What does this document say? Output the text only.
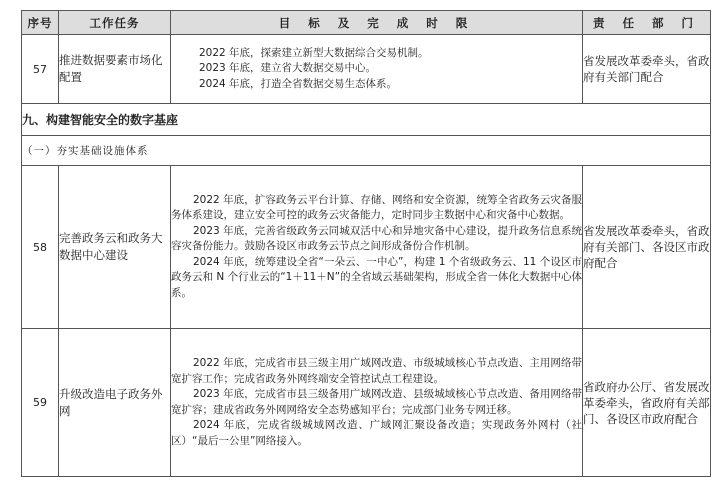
序号	工作任务	目 标 及 完 成 时 限	责 任 部 门
57	推进数据要素市场化配置	2022 年底，探索建立新型大数据综合交易机制。

2023 年底，建立省大数据交易中心。

2024 年底，打造全省数据交易生态体系。	省发展改革委牵头，省政府有关部门配合
九、构建智能安全的数字基座			
（一）夯实基础设施体系			
58	完善政务云和政务大数据中心建设	2022 年底，扩容政务云平台计算、存储、网络和安全资源，统筹全省政务云灾备服务体系建设，建立安全可控的政务云灾备能力，定时同步主数据中心和灾备中心数据。

2023 年底，完善省级政务云同城双活中心和异地灾备中心建设，提升政务信息系统容灾备份能力。鼓励各设区市政务云节点之间形成备份合作机制。

2024 年底，统筹建设全省“一朵云、一中心”，构建 1 个省级政务云、11 个设区市政务云和 N 个行业云的“1＋11＋N”的全省域云基础架构，形成全省一体化大数据中心体系。	省发展改革委牵头，省政府有关部门、各设区市政府配合
59	升级改造电子政务外网	2022 年底，完成省市县三级主用广域网改造、市级城域核心节点改造、主用网络带宽扩容工作；完成省政务外网终端安全管控试点工程建设。

2023 年底，完成省市县三级备用广域网改造、县级城域核心节点改造、备用网络带宽扩容；建成省政务外网网络安全态势感知平台；完成部门业务专网迁移。

2024 年底，完成省级城域网改造、广域网汇聚设备改造；实现政务外网村（社区）“最后一公里”网络接入。	省政府办公厅、省发展改革委牵头，省政府有关部门、各设区市政府配合
